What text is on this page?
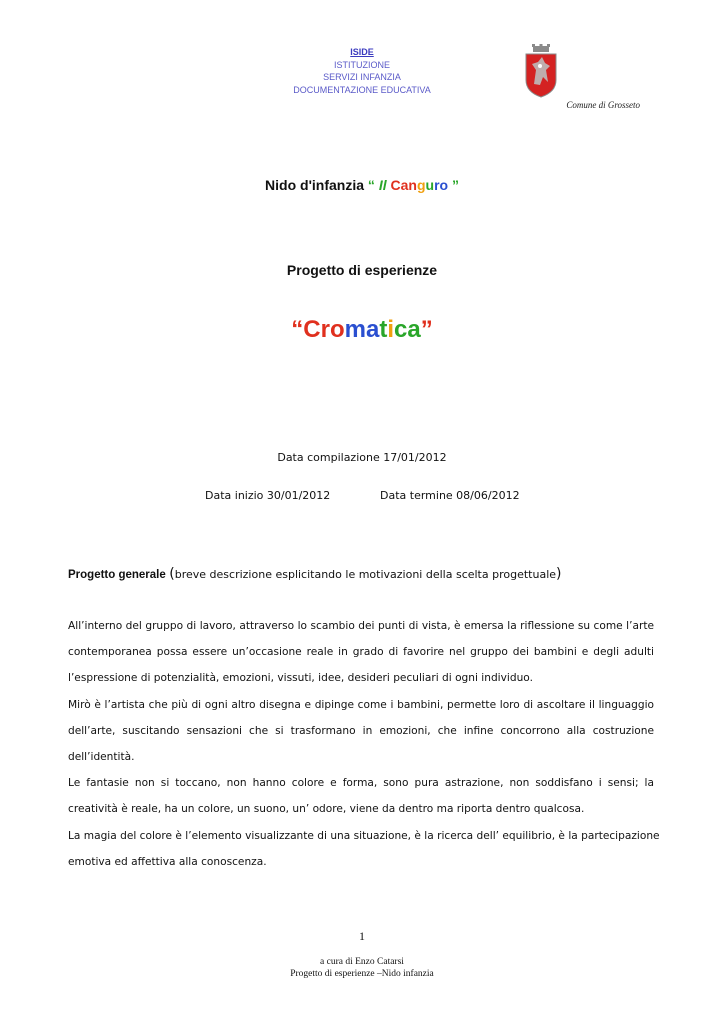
ISIDE
ISTITUZIONE
SERVIZI INFANZIA
DOCUMENTAZIONE EDUCATIVA
Comune di Grosseto
Nido d'infanzia “ Il Canguro ”
Progetto di esperienze
“Cromatica”
Data compilazione 17/01/2012
Data inizio 30/01/2012	Data termine 08/06/2012
Progetto generale (breve descrizione esplicitando le motivazioni della scelta progettuale)
All’interno del gruppo di lavoro, attraverso lo scambio dei punti di vista, è emersa la riflessione su come l’arte
contemporanea possa essere un’occasione reale in grado di favorire nel gruppo dei bambini e degli adulti
l’espressione di potenzialità, emozioni, vissuti, idee, desideri peculiari di ogni individuo.
Mirò è l’artista che più di ogni altro disegna e dipinge come i bambini, permette loro di ascoltare il linguaggio
dell’arte, suscitando sensazioni che si trasformano in emozioni, che infine concorrono alla costruzione
dell’identità.
Le fantasie non si toccano, non hanno colore e forma, sono pura astrazione, non soddisfano i sensi; la
creatività è reale, ha un colore, un suono, un’ odore, viene da dentro ma riporta dentro qualcosa.
La magia del colore è l’elemento visualizzante di una situazione, è la ricerca dell’ equilibrio, è la partecipazione
emotiva ed affettiva alla conoscenza.
1
a cura di Enzo Catarsi
Progetto di esperienze –Nido infanzia
